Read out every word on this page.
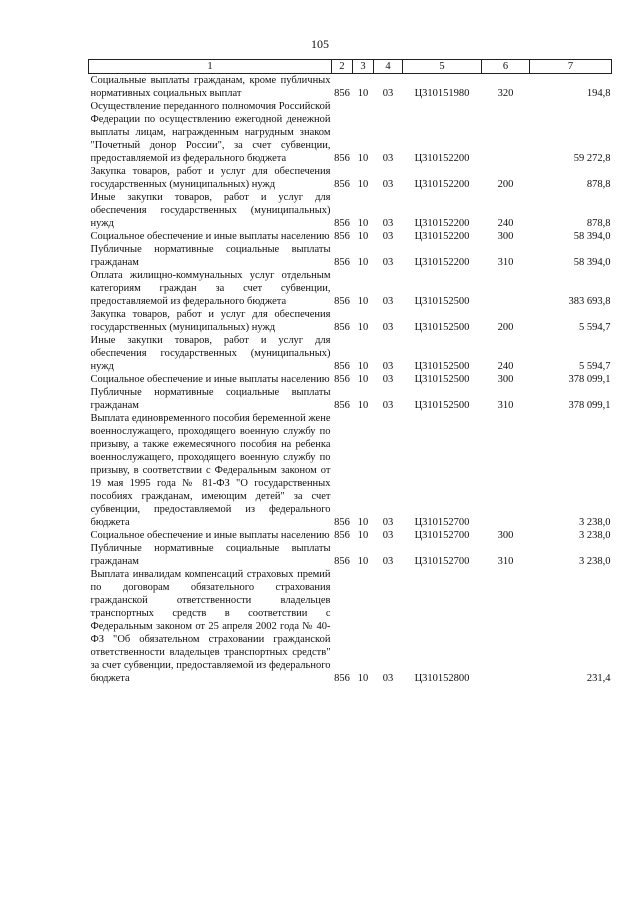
105
1	2	3	4	5	6	7
Социальные выплаты гражданам, кроме публичных нормативных социальных выплат	856	10	03	Ц310151980	320	194,8
Осуществление переданного полномочия Российской Федерации по осуществлению ежегодной денежной выплаты лицам, награжденным нагрудным знаком "Почетный донор России", за счет субвенции, предоставляемой из федерального бюджета	856	10	03	Ц310152200		59 272,8
Закупка товаров, работ и услуг для обеспечения государственных (муниципальных) нужд	856	10	03	Ц310152200	200	878,8
Иные закупки товаров, работ и услуг для обеспечения государственных (муниципальных) нужд	856	10	03	Ц310152200	240	878,8
Социальное обеспечение и иные выплаты населению	856	10	03	Ц310152200	300	58 394,0
Публичные нормативные социальные выплаты гражданам	856	10	03	Ц310152200	310	58 394,0
Оплата жилищно-коммунальных услуг отдельным категориям граждан за счет субвенции, предоставляемой из федерального бюджета	856	10	03	Ц310152500		383 693,8
Закупка товаров, работ и услуг для обеспечения государственных (муниципальных) нужд	856	10	03	Ц310152500	200	5 594,7
Иные закупки товаров, работ и услуг для обеспечения государственных (муниципальных) нужд	856	10	03	Ц310152500	240	5 594,7
Социальное обеспечение и иные выплаты населению	856	10	03	Ц310152500	300	378 099,1
Публичные нормативные социальные выплаты гражданам	856	10	03	Ц310152500	310	378 099,1
Выплата единовременного пособия беременной жене военнослужащего, проходящего военную службу по призыву, а также ежемесячного пособия на ребенка военнослужащего, проходящего военную службу по призыву, в соответствии с Федеральным законом от 19 мая 1995 года № 81-ФЗ "О государственных пособиях гражданам, имеющим детей" за счет субвенции, предоставляемой из федерального бюджета	856	10	03	Ц310152700		3 238,0
Социальное обеспечение и иные выплаты населению	856	10	03	Ц310152700	300	3 238,0
Публичные нормативные социальные выплаты гражданам	856	10	03	Ц310152700	310	3 238,0
Выплата инвалидам компенсаций страховых премий по договорам обязательного страхования гражданской ответственности владельцев транспортных средств в соответствии с Федеральным законом от 25 апреля 2002 года № 40-ФЗ "Об обязательном страховании гражданской ответственности владельцев транспортных средств" за счет субвенции, предоставляемой из федерального бюджета	856	10	03	Ц310152800		231,4
